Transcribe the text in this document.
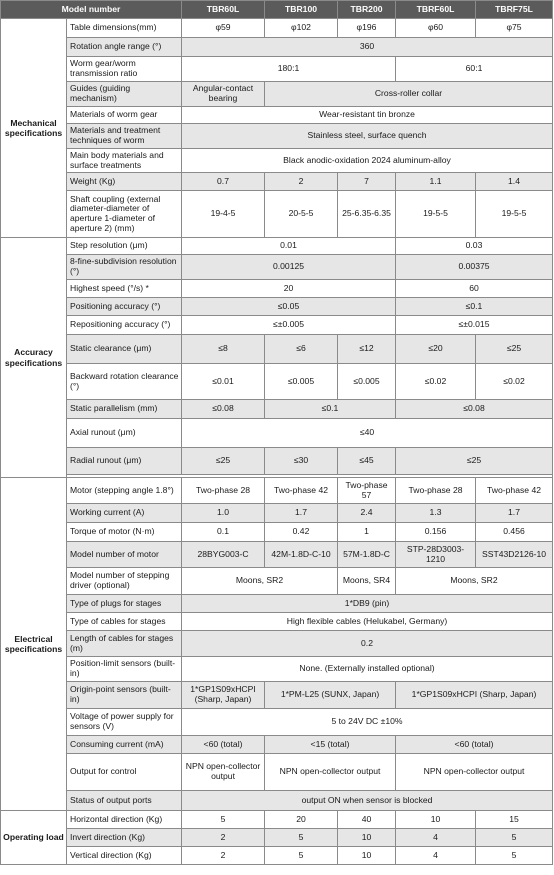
Model number		TBR60L	TBR100	TBR200	TBRF60L	TBRF75L
Mechanical specifications	Table dimensions(mm)	φ59	φ102	φ196	φ60	φ75
	Rotation angle range (°)	360				
	Worm gear/worm transmission ratio	180:1			60:1	
	Guides (guiding mechanism)	Angular-contact bearing	Cross-roller collar			
	Materials of worm gear	Wear-resistant tin bronze				
	Materials and treatment techniques of worm	Stainless steel, surface quench				
	Main body materials and surface treatments	Black anodic-oxidation 2024 aluminum-alloy				
	Weight (Kg)	0.7	2	7	1.1	1.4
	Shaft coupling (external diameter-diameter of aperture 1-diameter of aperture 2) (mm)	19-4-5	20-5-5	25-6.35-6.35	19-5-5	19-5-5
Accuracy specifications	Step resolution (μm)	0.01			0.03	
	8-fine-subdivision resolution (°)	0.00125			0.00375	
	Highest speed (°/s) *	20			60	
	Positioning accuracy (°)	≤0.05			≤0.1	
	Repositioning accuracy (°)	≤±0.005			≤±0.015	
	Static clearance (μm)	≤8	≤6	≤12	≤20	≤25
	Backward rotation clearance (°)	≤0.01	≤0.005	≤0.005	≤0.02	≤0.02
	Static parallelism (mm)	≤0.08	≤0.1		≤0.08	
	Axial runout (μm)	≤40				
	Radial runout (μm)	≤25	≤30	≤45	≤25	

Electrical specifications	Motor (stepping angle 1.8°)	Two-phase 28	Two-phase 42	Two-phase 57	Two-phase 28	Two-phase 42
	Working current (A)	1.0	1.7	2.4	1.3	1.7
	Torque of motor (N·m)	0.1	0.42	1	0.156	0.456
	Model number of motor	28BYG003-C	42M-1.8D-C-10	57M-1.8D-C	STP-28D3003-1210	SST43D2126-10
	Model number of stepping driver (optional)	Moons, SR2		Moons, SR4	Moons, SR2	
	Type of plugs for stages	1*DB9 (pin)				
	Type of cables for stages	High flexible cables (Helukabel, Germany)				
	Length of cables for stages (m)	0.2				
	Position-limit sensors (built-in)	None. (Externally installed optional)				
	Origin-point sensors (built-in)	1*GP1S09xHCPI (Sharp, Japan)	1*PM-L25 (SUNX, Japan)		1*GP1S09xHCPI (Sharp, Japan)	
	Voltage of power supply for sensors (V)	5 to 24V DC ±10%				
	Consuming current (mA)	<60 (total)	<15 (total)		<60 (total)	
	Output for control	NPN open-collector output	NPN open-collector output		NPN open-collector output	
	Status of output ports	output ON when sensor is blocked				
Operating load	Horizontal direction (Kg)	5	20	40	10	15
	Invert direction (Kg)	2	5	10	4	5
	Vertical direction (Kg)	2	5	10	4	5
